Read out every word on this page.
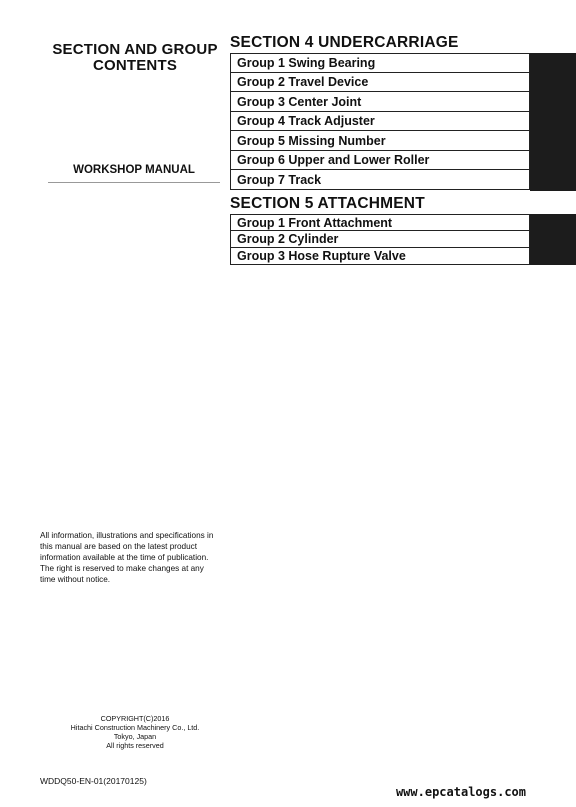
SECTION AND GROUP
CONTENTS
WORKSHOP MANUAL
SECTION 4 UNDERCARRIAGE
Group 1 Swing Bearing
Group 2 Travel Device
Group 3 Center Joint
Group 4 Track Adjuster
Group 5 Missing Number
Group 6 Upper and Lower Roller
Group 7 Track
SECTION 5 ATTACHMENT
Group 1 Front Attachment
Group 2 Cylinder
Group 3 Hose Rupture Valve
All information, illustrations and specifications in this manual are based on the latest product information available at the time of publication. The right is reserved to make changes at any time without notice.
COPYRIGHT(C)2016
Hitachi Construction Machinery Co., Ltd.
Tokyo, Japan
All rights reserved
WDDQ50-EN-01(20170125)
www.epcatalogs.com
